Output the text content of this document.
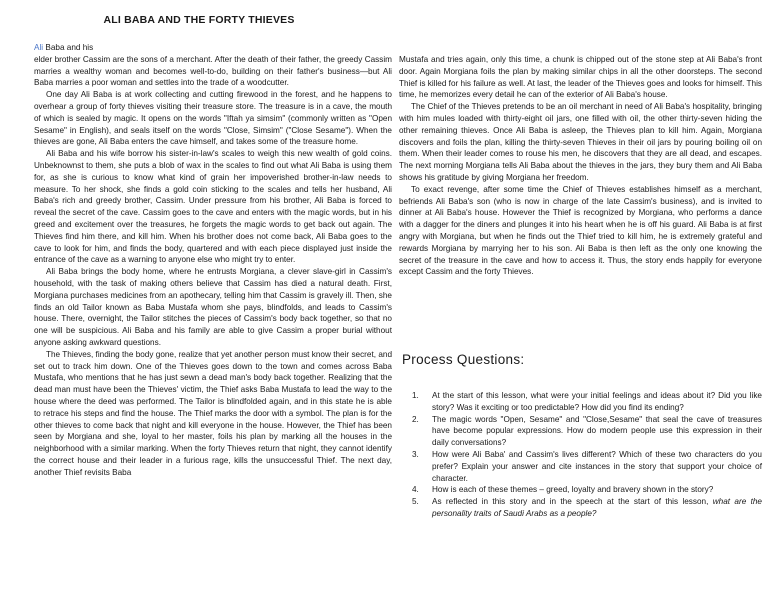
ALI BABA AND THE FORTY THIEVES

Ali Baba and his

elder brother Cassim are the sons of a merchant. After the death of their father, the greedy Cassim marries a wealthy woman and becomes well-to-do, building on their father's business—but Ali Baba marries a poor woman and settles into the trade of a woodcutter.

One day Ali Baba is at work collecting and cutting firewood in the forest, and he happens to overhear a group of forty thieves visiting their treasure store. The treasure is in a cave, the mouth of which is sealed by magic. It opens on the words "Iftah ya simsim" (commonly written as "Open Sesame" in English), and seals itself on the words "Close, Simsim" ("Close Sesame"). When the thieves are gone, Ali Baba enters the cave himself, and takes some of the treasure home.

Ali Baba and his wife borrow his sister-in-law's scales to weigh this new wealth of gold coins. Unbeknownst to them, she puts a blob of wax in the scales to find out what Ali Baba is using them for, as she is curious to know what kind of grain her impoverished brother-in-law needs to measure. To her shock, she finds a gold coin sticking to the scales and tells her husband, Ali Baba's rich and greedy brother, Cassim. Under pressure from his brother, Ali Baba is forced to reveal the secret of the cave. Cassim goes to the cave and enters with the magic words, but in his greed and excitement over the treasures, he forgets the magic words to get back out again. The Thieves find him there, and kill him. When his brother does not come back, Ali Baba goes to the cave to look for him, and finds the body, quartered and with each piece displayed just inside the entrance of the cave as a warning to anyone else who might try to enter.

Ali Baba brings the body home, where he entrusts Morgiana, a clever slave-girl in Cassim's household, with the task of making others believe that Cassim has died a natural death. First, Morgiana purchases medicines from an apothecary, telling him that Cassim is gravely ill. Then, she finds an old Tailor known as Baba Mustafa whom she pays, blindfolds, and leads to Cassim's house. There, overnight, the Tailor stitches the pieces of Cassim's body back together, so that no one will be suspicious. Ali Baba and his family are able to give Cassim a proper burial without anyone asking awkward questions.

The Thieves, finding the body gone, realize that yet another person must know their secret, and set out to track him down. One of the Thieves goes down to the town and comes across Baba Mustafa, who mentions that he has just sewn a dead man's body back together. Realizing that the dead man must have been the Thieves' victim, the Thief asks Baba Mustafa to lead the way to the house where the deed was performed. The Tailor is blindfolded again, and in this state he is able to retrace his steps and find the house. The Thief marks the door with a symbol. The plan is for the other thieves to come back that night and kill everyone in the house. However, the Thief has been seen by Morgiana and she, loyal to her master, foils his plan by marking all the houses in the neighborhood with a similar marking. When the forty Thieves return that night, they cannot identify the correct house and their leader in a furious rage, kills the unsuccessful Thief. The next day, another Thief revisits Baba

Mustafa and tries again, only this time, a chunk is chipped out of the stone step at Ali Baba's front door. Again Morgiana foils the plan by making similar chips in all the other doorsteps. The second Thief is killed for his failure as well. At last, the leader of the Thieves goes and looks for himself. This time, he memorizes every detail he can of the exterior of Ali Baba's house.

The Chief of the Thieves pretends to be an oil merchant in need of Ali Baba's hospitality, bringing with him mules loaded with thirty-eight oil jars, one filled with oil, the other thirty-seven hiding the other remaining thieves. Once Ali Baba is asleep, the Thieves plan to kill him. Again, Morgiana discovers and foils the plan, killing the thirty-seven Thieves in their oil jars by pouring boiling oil on them. When their leader comes to rouse his men, he discovers that they are all dead, and escapes. The next morning Morgiana tells Ali Baba about the thieves in the jars, they bury them and Ali Baba shows his gratitude by giving Morgiana her freedom.

To exact revenge, after some time the Chief of Thieves establishes himself as a merchant, befriends Ali Baba's son (who is now in charge of the late Cassim's business), and is invited to dinner at Ali Baba's house. However the Thief is recognized by Morgiana, who performs a dance with a dagger for the diners and plunges it into his heart when he is off his guard. Ali Baba is at first angry with Morgiana, but when he finds out the Thief tried to kill him, he is extremely grateful and rewards Morgiana by marrying her to his son. Ali Baba is then left as the only one knowing the secret of the treasure in the cave and how to access it. Thus, the story ends happily for everyone except Cassim and the forty Thieves.

Process Questions:
1.	At the start of this lesson, what were your initial feelings and ideas about it? Did you like story? Was it exciting or too predictable? How did you find its ending?
2.	The magic words "Open, Sesame" and "Close,Sesame" that seal the cave of treasures have become popular expressions. How do modern people use this expression in their daily conversations?
3.	How were Ali Baba' and Cassim's lives different? Which of these two characters do you prefer? Explain your answer and cite instances in the story that support your choice of character.
4.	How is each of these themes – greed, loyalty and bravery shown in the story?
5.	As reflected in this story and in the speech at the start of this lesson, what are the personality traits of Saudi Arabs as a people?
